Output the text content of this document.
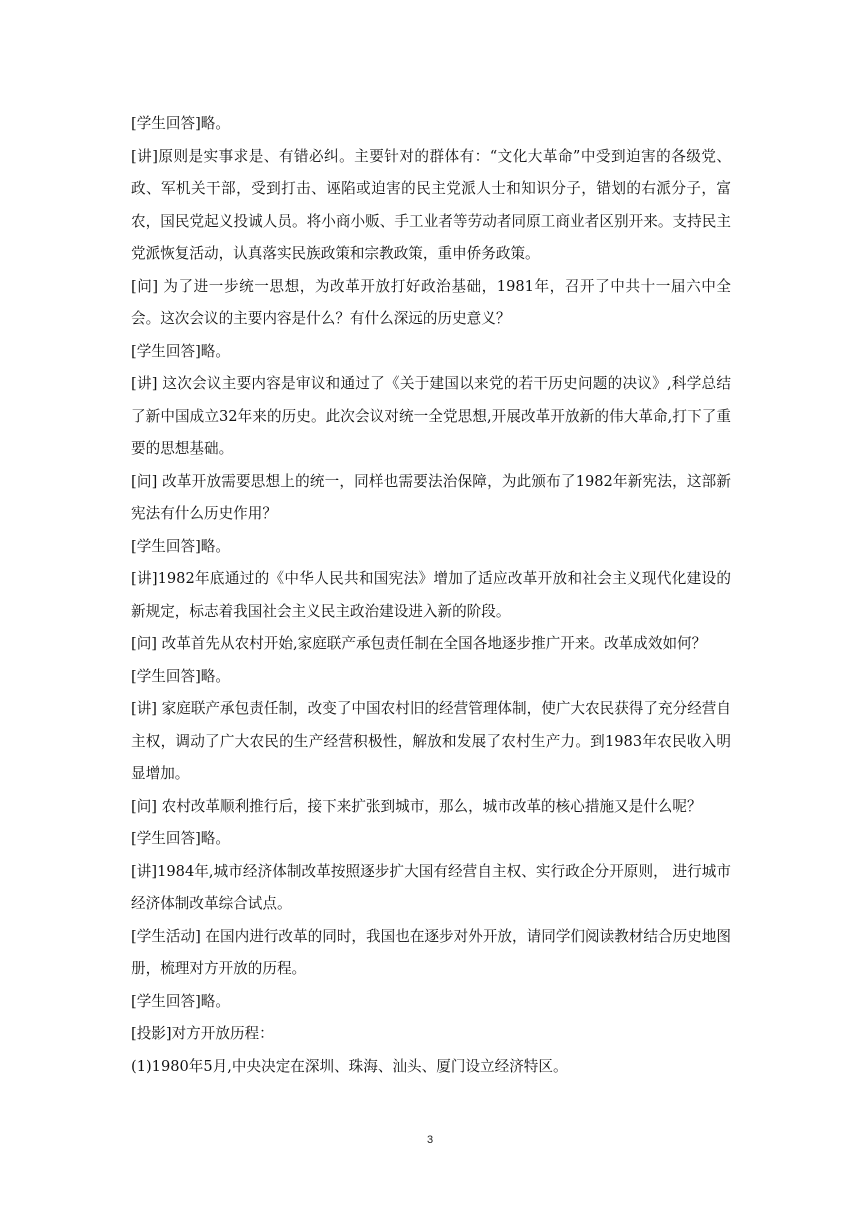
[学生回答]略。

[讲]原则是实事求是、有错必纠。主要针对的群体有：“文化大革命”中受到迫害的各级党、政、军机关干部，受到打击、诬陷或迫害的民主党派人士和知识分子，错划的右派分子，富农，国民党起义投诚人员。将小商小贩、手工业者等劳动者同原工商业者区别开来。支持民主党派恢复活动，认真落实民族政策和宗教政策，重申侨务政策。

[问] 为了进一步统一思想，为改革开放打好政治基础，1981年，召开了中共十一届六中全会。这次会议的主要内容是什么？有什么深远的历史意义？

[学生回答]略。

[讲] 这次会议主要内容是审议和通过了《关于建国以来党的若干历史问题的决议》,科学总结了新中国成立32年来的历史。此次会议对统一全党思想,开展改革开放新的伟大革命,打下了重要的思想基础。

[问] 改革开放需要思想上的统一，同样也需要法治保障，为此颁布了1982年新宪法，这部新宪法有什么历史作用？

[学生回答]略。

[讲]1982年底通过的《中华人民共和国宪法》增加了适应改革开放和社会主义现代化建设的新规定，标志着我国社会主义民主政治建设进入新的阶段。

[问] 改革首先从农村开始,家庭联产承包责任制在全国各地逐步推广开来。改革成效如何？

[学生回答]略。

[讲] 家庭联产承包责任制，改变了中国农村旧的经营管理体制，使广大农民获得了充分经营自主权，调动了广大农民的生产经营积极性，解放和发展了农村生产力。到1983年农民收入明显增加。

[问] 农村改革顺利推行后，接下来扩张到城市，那么，城市改革的核心措施又是什么呢？

[学生回答]略。

[讲]1984年,城市经济体制改革按照逐步扩大国有经营自主权、实行政企分开原则， 进行城市经济体制改革综合试点。

[学生活动] 在国内进行改革的同时，我国也在逐步对外开放，请同学们阅读教材结合历史地图册，梳理对方开放的历程。

[学生回答]略。

[投影]对方开放历程：

(1)1980年5月,中央决定在深圳、珠海、汕头、厦门设立经济特区。

3
